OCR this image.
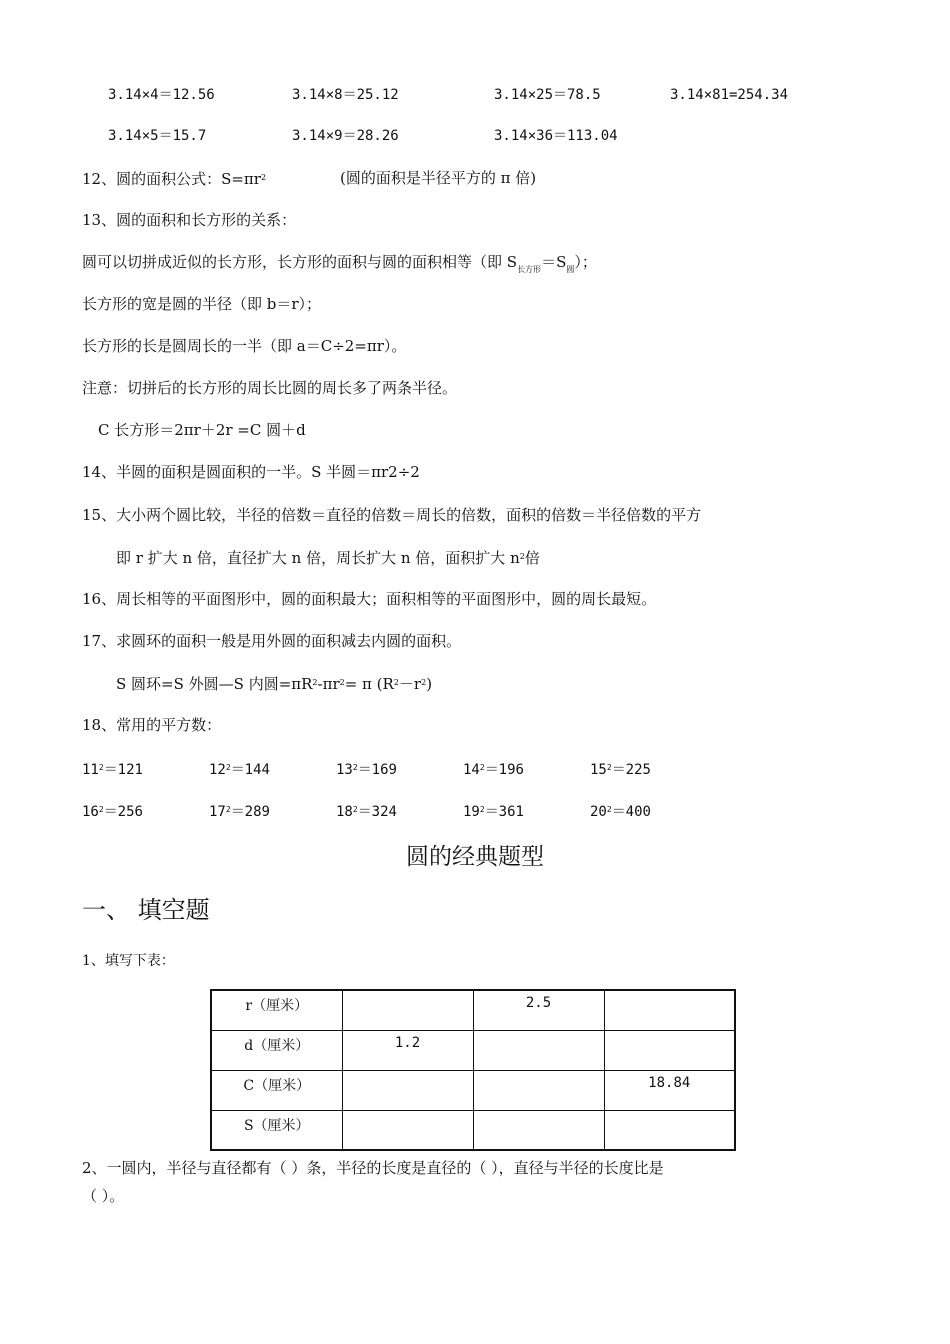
3.14×4＝12.56	3.14×8＝25.12	3.14×25＝78.5	3.14×81=254.34
3.14×5＝15.7	3.14×9＝28.26	3.14×36＝113.04
12、圆的面积公式：$S=\pi r^2$	(圆的面积是半径平方的 π 倍)
13、圆的面积和长方形的关系：
圆可以切拼成近似的长方形，长方形的面积与圆的面积相等（即 $S_{长方形}=S_圆$）；
长方形的宽是圆的半径（即 b＝r）；
长方形的长是圆周长的一半（即 a＝C÷2=πr）。
注意：切拼后的长方形的周长比圆的周长多了两条半径。
C 长方形＝2πr＋2r =C 圆＋d
14、半圆的面积是圆面积的一半。S 半圆＝πr2÷2
15、大小两个圆比较，半径的倍数＝直径的倍数＝周长的倍数，面积的倍数＝半径倍数的平方
即 r 扩大 n 倍，直径扩大 n 倍，周长扩大 n 倍，面积扩大 $n^2$倍
16、周长相等的平面图形中，圆的面积最大；面积相等的平面图形中，圆的周长最短。
17、求圆环的面积一般是用外圆的面积减去内圆的面积。
S 圆环=S 外圆—S 内圆$=\pi R^2-\pi r^2= \pi$ $(R^2-r^2)$
18、常用的平方数：
$11^2=121$	$12^2=144$	$13^2=169$	$14^2=196$	$15^2=225$
$16^2=256$	$17^2=289$	$18^2=324$	$19^2=361$	$20^2=400$
圆的经典题型
一、 填空题
1、填写下表：
r（厘米）		2.5	
d（厘米）	1.2		
C（厘米）			18.84
S（厘米）			
2、一圆内，半径与直径都有（ ）条，半径的长度是直径的（ ），直径与半径的长度比是
（ ）。
